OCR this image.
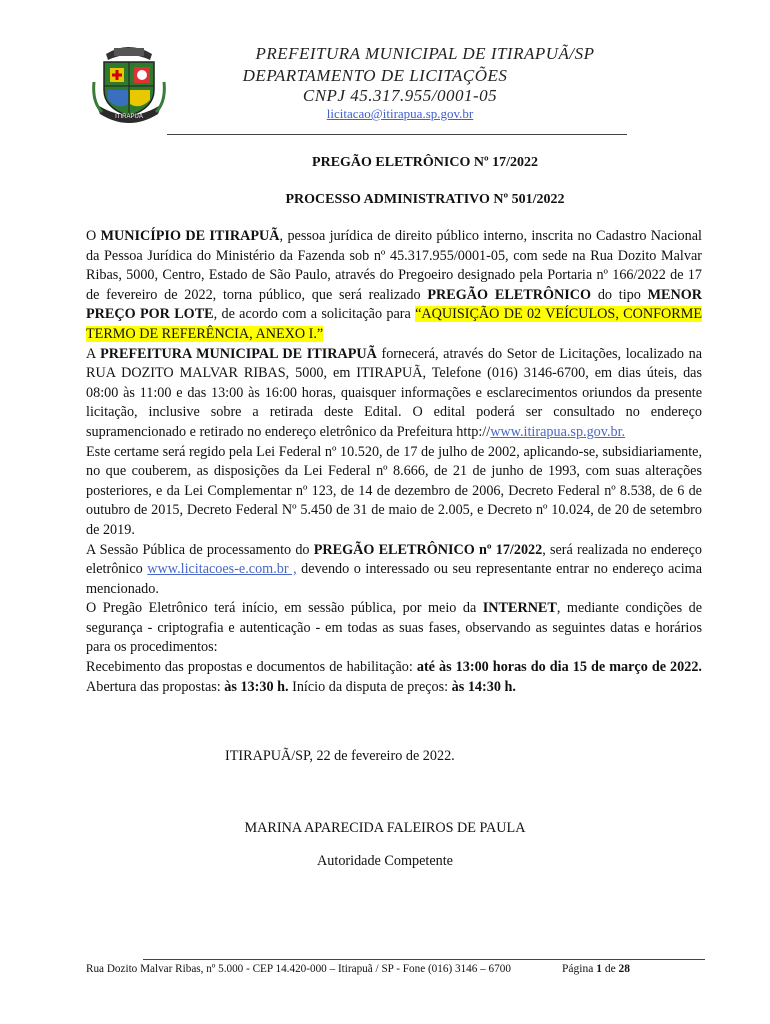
ITIRAPUÃ
PREFEITURA MUNICIPAL DE ITIRAPUÃ/SP
DEPARTAMENTO DE LICITAÇÕES
CNPJ 45.317.955/0001-05
licitacao@itirapua.sp.gov.br
PREGÃO ELETRÔNICO Nº 17/2022
PROCESSO ADMINISTRATIVO Nº 501/2022

O MUNICÍPIO DE ITIRAPUÃ, pessoa jurídica de direito público interno, inscrita no Cadastro Nacional da Pessoa Jurídica do Ministério da Fazenda sob nº 45.317.955/0001-05, com sede na Rua Dozito Malvar Ribas, 5000, Centro, Estado de São Paulo, através do Pregoeiro designado pela Portaria nº 166/2022 de 17 de fevereiro de 2022, torna público, que será realizado PREGÃO ELETRÔNICO do tipo MENOR PREÇO POR LOTE, de acordo com a solicitação para “AQUISIÇÃO DE 02 VEÍCULOS, CONFORME TERMO DE REFERÊNCIA, ANEXO I.”

A PREFEITURA MUNICIPAL DE ITIRAPUÃ fornecerá, através do Setor de Licitações, localizado na RUA DOZITO MALVAR RIBAS, 5000, em ITIRAPUÃ, Telefone (016) 3146-6700, em dias úteis, das 08:00 às 11:00 e das 13:00 às 16:00 horas, quaisquer informações e esclarecimentos oriundos da presente licitação, inclusive sobre a retirada deste Edital. O edital poderá ser consultado no endereço supramencionado e retirado no endereço eletrônico da Prefeitura http://www.itirapua.sp.gov.br.

Este certame será regido pela Lei Federal nº 10.520, de 17 de julho de 2002, aplicando-se, subsidiariamente, no que couberem, as disposições da Lei Federal nº 8.666, de 21 de junho de 1993, com suas alterações posteriores, e da Lei Complementar nº 123, de 14 de dezembro de 2006, Decreto Federal nº 8.538, de 6 de outubro de 2015, Decreto Federal Nº 5.450 de 31 de maio de 2.005, e Decreto nº 10.024, de 20 de setembro de 2019.

A Sessão Pública de processamento do PREGÃO ELETRÔNICO nº 17/2022, será realizada no endereço eletrônico www.licitacoes-e.com.br , devendo o interessado ou seu representante entrar no endereço acima mencionado.

O Pregão Eletrônico terá início, em sessão pública, por meio da INTERNET, mediante condições de segurança - criptografia e autenticação - em todas as suas fases, observando as seguintes datas e horários para os procedimentos:

Recebimento das propostas e documentos de habilitação: até às 13:00 horas do dia 15 de março de 2022. Abertura das propostas: às 13:30 h. Início da disputa de preços: às 14:30 h.

ITIRAPUÃ/SP, 22 de fevereiro de 2022.
MARINA APARECIDA FALEIROS DE PAULA
Autoridade Competente
Rua Dozito Malvar Ribas, nº 5.000 - CEP 14.420-000 – Itirapuã / SP - Fone (016) 3146 – 6700	Página 1 de 28
